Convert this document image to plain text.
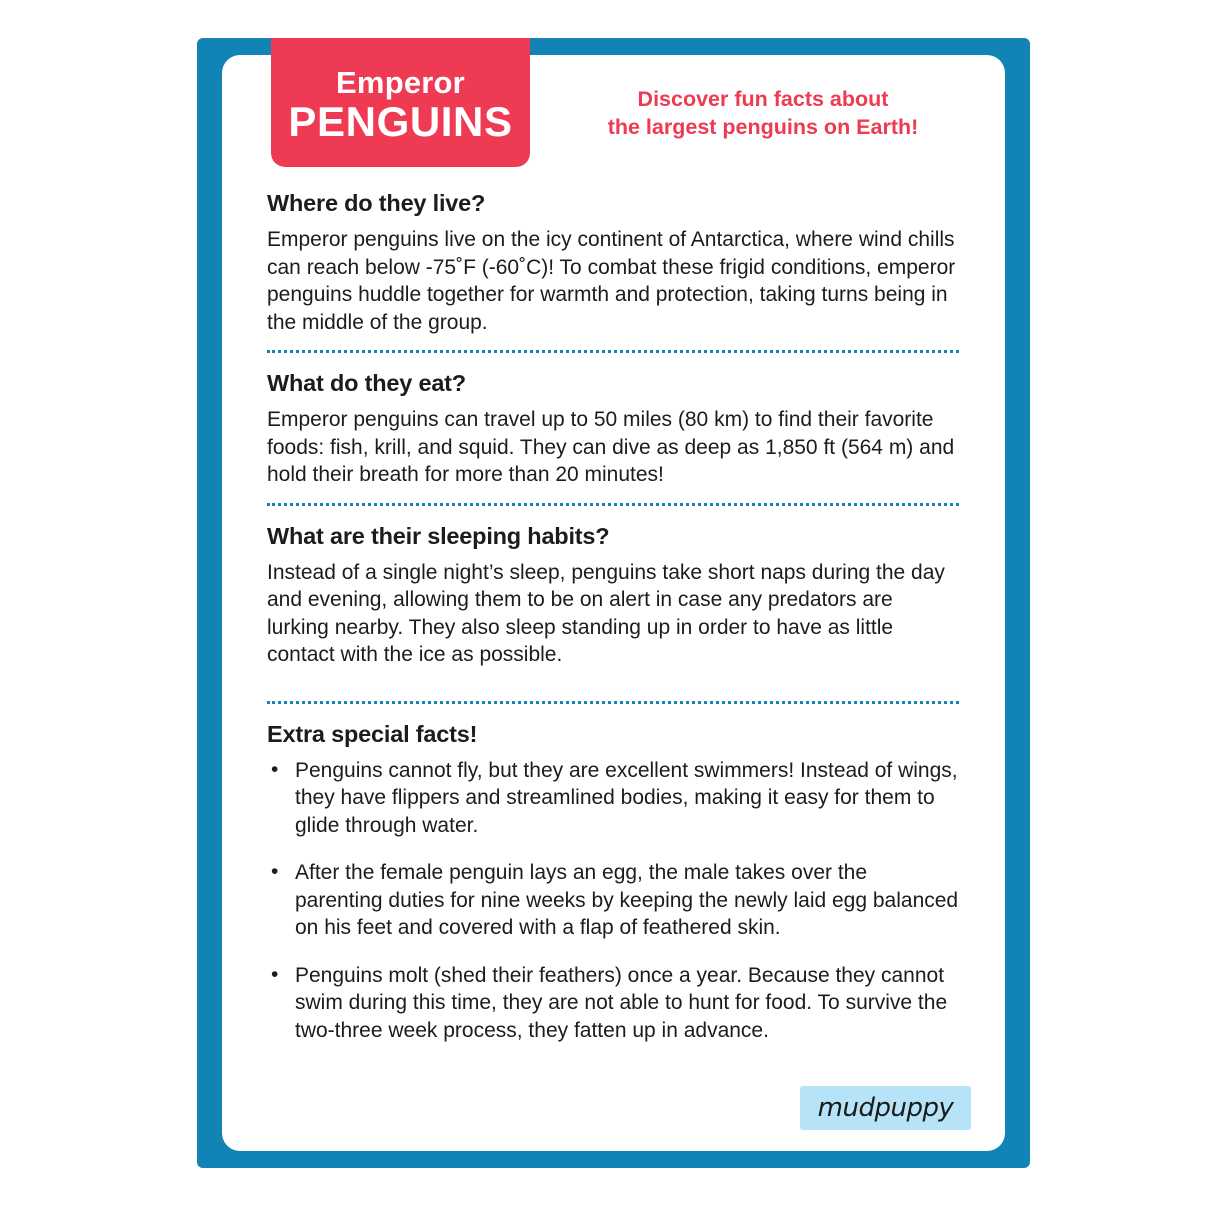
Emperor
PENGUINS	Discover fun facts about
the largest penguins on Earth!
Where do they live?

Emperor penguins live on the icy continent of Antarctica, where wind chills can reach below -75˚F (-60˚C)! To combat these frigid conditions, emperor penguins huddle together for warmth and protection, taking turns being in the middle of the group.

What do they eat?

Emperor penguins can travel up to 50 miles (80 km) to find their favorite foods: fish, krill, and squid. They can dive as deep as 1,850 ft (564 m) and hold their breath for more than 20 minutes!

What are their sleeping habits?

Instead of a single night’s sleep, penguins take short naps during the day and evening, allowing them to be on alert in case any predators are lurking nearby. They also sleep standing up in order to have as little contact with the ice as possible.

Extra special facts!
• Penguins cannot fly, but they are excellent swimmers! Instead of wings, they have flippers and streamlined bodies, making it easy for them to glide through water.
• After the female penguin lays an egg, the male takes over the parenting duties for nine weeks by keeping the newly laid egg balanced on his feet and covered with a flap of feathered skin.
• Penguins molt (shed their feathers) once a year. Because they cannot swim during this time, they are not able to hunt for food. To survive the two-three week process, they fatten up in advance.
mudpuppy
